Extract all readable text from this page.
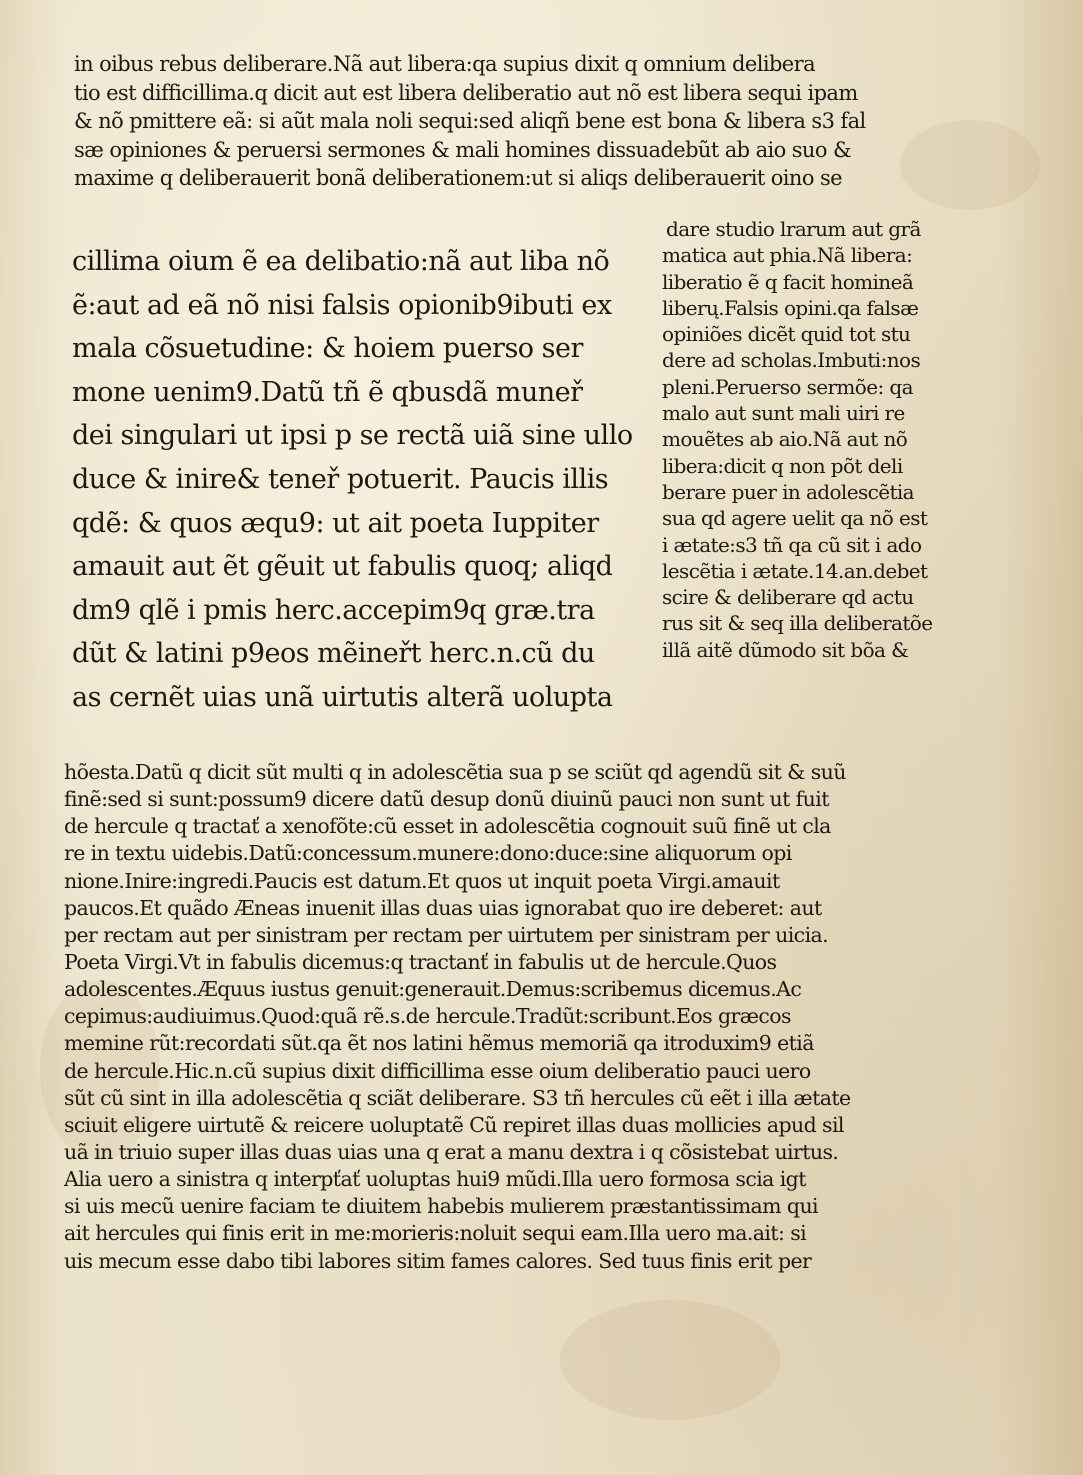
in oibus rebus deliberare.Nã aut libera:qa supius dixit q omnium delibera
tio est difficillima.q dicit aut est libera deliberatio aut nõ est libera sequi ipam
& nõ pmittere eã: si aũt mala noli sequi:sed aliqñ bene est bona & libera s3 fal
sæ opiniones & peruersi sermones & mali homines dissuadebũt ab aio suo &
maxime q deliberauerit bonã deliberationem:ut si aliqs deliberauerit oino se
cillima oium ẽ ea delibatio:nã aut liba nõ
ẽ:aut ad eã nõ nisi falsis opionib9ibuti ex
mala cõsuetudine: & hoiem puerso ser
mone uenim9.Datũ tñ ẽ qbusdã muneř
dei singulari ut ipsi p se rectã uiã sine ullo
duce & inire& teneř potuerit. Paucis illis
qdẽ: & quos æqu9: ut ait poeta Iuppiter
amauit aut ẽt gẽuit ut fabulis quoq; aliqd
dm9 qlẽ i pmis herc.accepim9q græ.tra
dũt & latini p9eos mẽineřt herc.n.cũ du
as cernẽt uias unã uirtutis alterã uolupta
dare studio lrarum aut grã
matica aut phia.Nã libera:
liberatio ẽ q facit homineã
liberų.Falsis opini.qa falsæ
opiniões dicẽt quid tot stu
dere ad scholas.Imbuti:nos
pleni.Peruerso sermõe: qa
malo aut sunt mali uiri re
mouẽtes ab aio.Nã aut nõ
libera:dicit q non põt deli
berare puer in adolescẽtia
sua qd agere uelit qa nõ est
i ætate:s3 tñ qa cũ sit i ado
lescẽtia i ætate.14.an.debet
scire & deliberare qd actu
rus sit & seq illa deliberatõe
illã aitẽ dũmodo sit bõa &
hõesta.Datũ q dicit sũt multi q in adolescẽtia sua p se sciũt qd agendũ sit & suũ
finẽ:sed si sunt:possum9 dicere datũ desup donũ diuinũ pauci non sunt ut fuit
de hercule q tractať a xenofõte:cũ esset in adolescẽtia cognouit suũ finẽ ut cla
re in textu uidebis.Datũ:concessum.munere:dono:duce:sine aliquorum opi
nione.Inire:ingredi.Paucis est datum.Et quos ut inquit poeta Virgi.amauit
paucos.Et quãdo Æneas inuenit illas duas uias ignorabat quo ire deberet: aut
per rectam aut per sinistram per rectam per uirtutem per sinistram per uicia.
Poeta Virgi.Vt in fabulis dicemus:q tractanť in fabulis ut de hercule.Quos
adolescentes.Æquus iustus genuit:generauit.Demus:scribemus dicemus.Ac
cepimus:audiuimus.Quod:quã rẽ.s.de hercule.Tradũt:scribunt.Eos græcos
memine rũt:recordati sũt.qa ẽt nos latini hẽmus memoriã qa itroduxim9 etiã
de hercule.Hic.n.cũ supius dixit difficillima esse oium deliberatio pauci uero
sũt cũ sint in illa adolescẽtia q sciãt deliberare. S3 tñ hercules cũ eẽt i illa ætate
sciuit eligere uirtutẽ & reicere uoluptatẽ Cũ repiret illas duas mollicies apud sil
uã in triuio super illas duas uias una q erat a manu dextra i q cõsistebat uirtus.
Alia uero a sinistra q interpťať uoluptas hui9 mũdi.Illa uero formosa scia igt
si uis mecũ uenire faciam te diuitem habebis mulierem præstantissimam qui
ait hercules qui finis erit in me:morieris:noluit sequi eam.Illa uero ma.ait: si
uis mecum esse dabo tibi labores sitim fames calores. Sed tuus finis erit per
